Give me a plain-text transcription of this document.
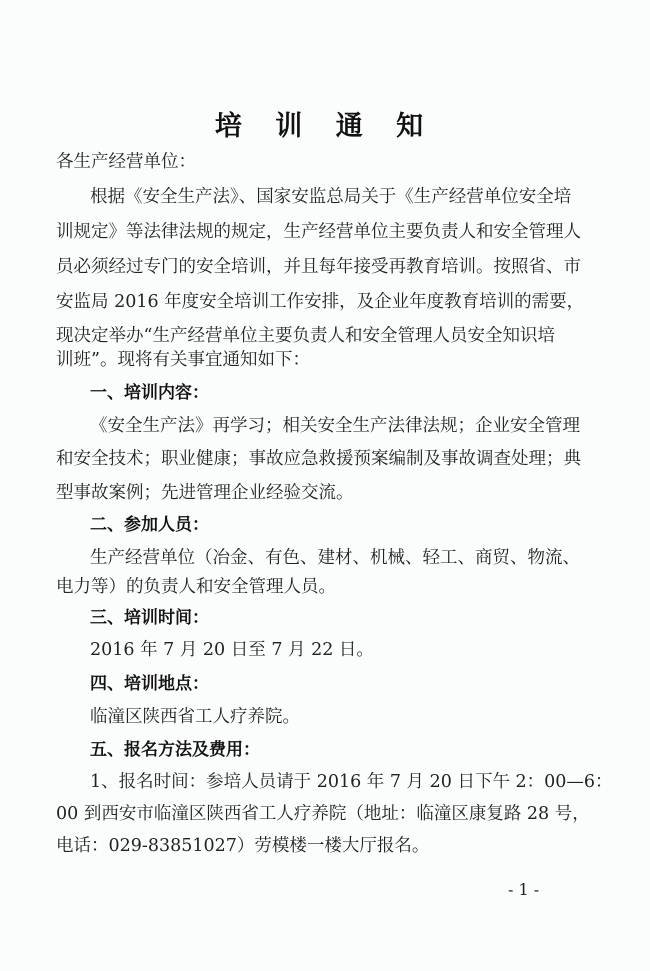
培 训 通 知
各生产经营单位：
根据《安全生产法》、国家安监总局关于《生产经营单位安全培
训规定》等法律法规的规定，生产经营单位主要负责人和安全管理人
员必须经过专门的安全培训，并且每年接受再教育培训。按照省、市
安监局 2016 年度安全培训工作安排，及企业年度教育培训的需要，
现决定举办“生产经营单位主要负责人和安全管理人员安全知识培
训班”。现将有关事宜通知如下：
一、培训内容：
《安全生产法》再学习；相关安全生产法律法规；企业安全管理
和安全技术；职业健康；事故应急救援预案编制及事故调查处理；典
型事故案例；先进管理企业经验交流。
二、参加人员：
生产经营单位（冶金、有色、建材、机械、轻工、商贸、物流、
电力等）的负责人和安全管理人员。
三、培训时间：
2016 年 7 月 20 日至 7 月 22 日。
四、培训地点：
临潼区陕西省工人疗养院。
五、报名方法及费用：
1、报名时间：参培人员请于 2016 年 7 月 20 日下午 2：00—6：
00 到西安市临潼区陕西省工人疗养院（地址：临潼区康复路 28 号，
电话：029-83851027）劳模楼一楼大厅报名。
- 1 -
